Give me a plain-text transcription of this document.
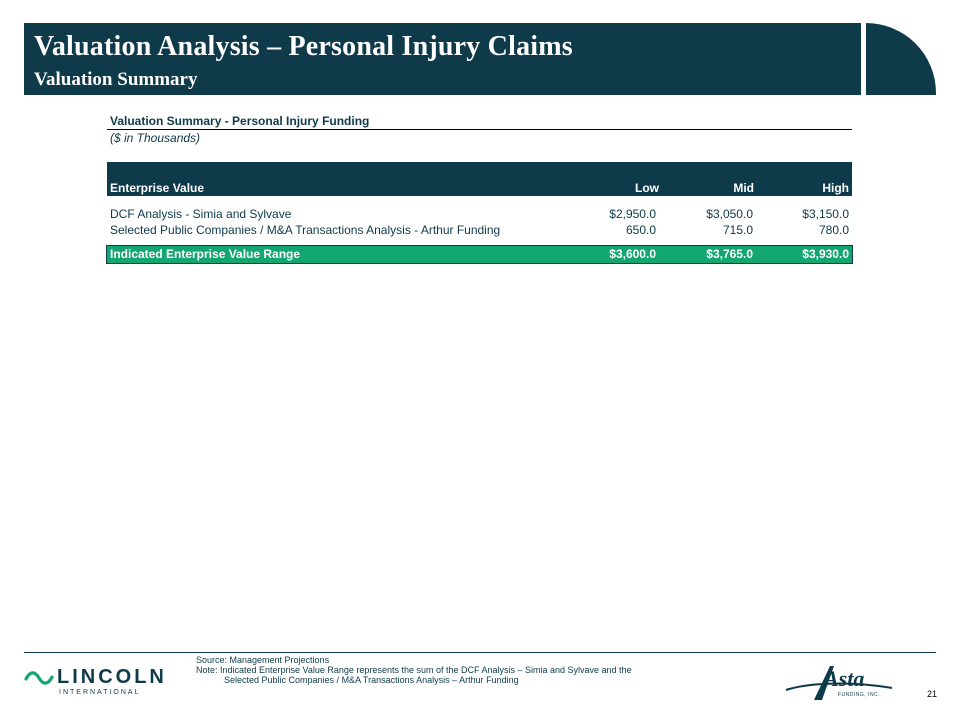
Valuation Analysis – Personal Injury Claims
Valuation Summary
Valuation Summary - Personal Injury Funding
($ in Thousands)
Enterprise Value	Low	Mid	High
DCF Analysis - Simia and Sylvave	$2,950.0	$3,050.0	$3,150.0
Selected Public Companies / M&A Transactions Analysis - Arthur Funding	650.0	715.0	780.0
Indicated Enterprise Value Range	$3,600.0	$3,765.0	$3,930.0
Source: Management Projections
Note: Indicated Enterprise Value Range represents the sum of the DCF Analysis – Simia and Sylvave and the
Selected Public Companies / M&A Transactions Analysis – Arthur Funding
LINCOLN
INTERNATIONAL
Asta
FUNDING, INC.	21
